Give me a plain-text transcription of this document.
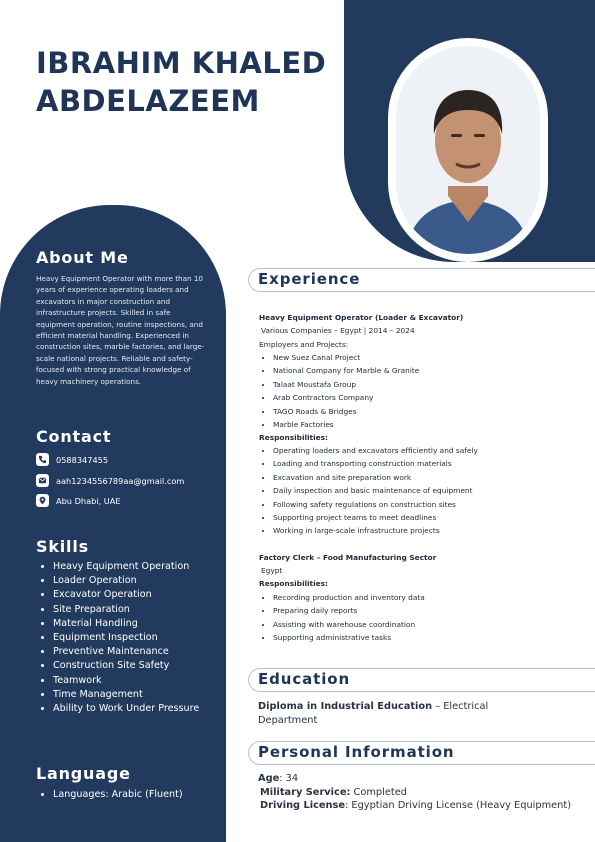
IBRAHIM KHALED
ABDELAZEEM
About Me

Heavy Equipment Operator with more than 10 years of experience operating loaders and excavators in major construction and infrastructure projects. Skilled in safe equipment operation, routine inspections, and efficient material handling. Experienced in construction sites, marble factories, and large-scale national projects. Reliable and safety-focused with strong practical knowledge of heavy machinery operations.

Contact
0588347455
aah1234556789aa@gmail.com
Abu Dhabi, UAE
Skills
• Heavy Equipment Operation
• Loader Operation
• Excavator Operation
• Site Preparation
• Material Handling
• Equipment Inspection
• Preventive Maintenance
• Construction Site Safety
• Teamwork
• Time Management
• Ability to Work Under Pressure
Language
• Languages: Arabic (Fluent)
Experience

Heavy Equipment Operator (Loader & Excavator)

Various Companies – Egypt | 2014 – 2024

Employers and Projects:

• New Suez Canal Project
• National Company for Marble & Granite
• Talaat Moustafa Group
• Arab Contractors Company
• TAGO Roads & Bridges
• Marble Factories

Responsibilities:

• Operating loaders and excavators efficiently and safely
• Loading and transporting construction materials
• Excavation and site preparation work
• Daily inspection and basic maintenance of equipment
• Following safety regulations on construction sites
• Supporting project teams to meet deadlines
• Working in large-scale infrastructure projects

Factory Clerk – Food Manufacturing Sector

Egypt

Responsibilities:

• Recording production and inventory data
• Preparing daily reports
• Assisting with warehouse coordination
• Supporting administrative tasks
Education

Diploma in Industrial Education – Electrical Department

Personal Information

Age: 34

Military Service: Completed

Driving License: Egyptian Driving License (Heavy Equipment)
